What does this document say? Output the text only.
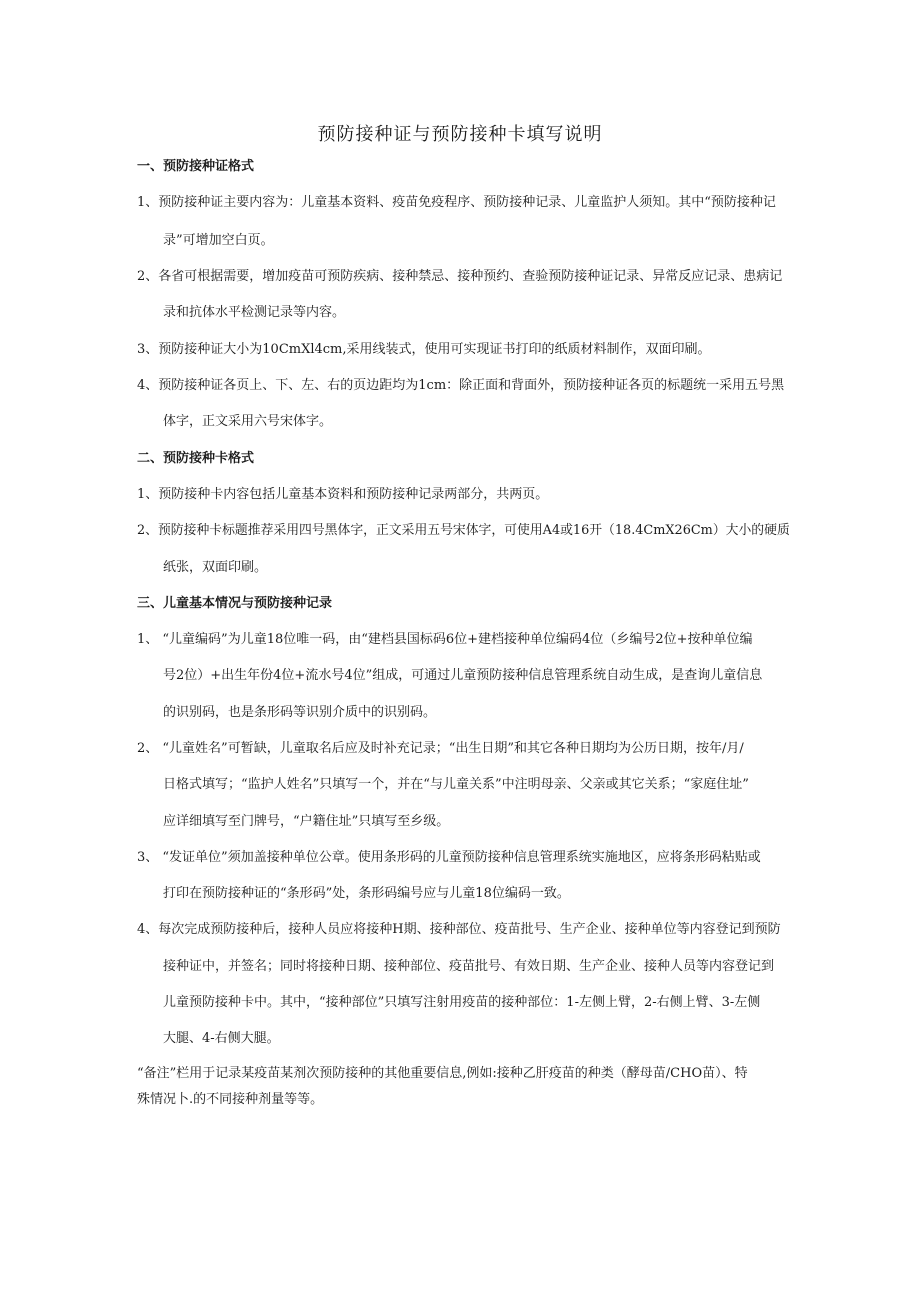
预防接种证与预防接种卡填写说明
一、预防接种证格式
1、预防接种证主要内容为：儿童基本资料、疫苗免疫程序、预防接种记录、儿童监护人须知。其中“预防接种记
录”可增加空白页。
2、各省可根据需要，增加疫苗可预防疾病、接种禁忌、接种预约、查验预防接种证记录、异常反应记录、患病记
录和抗体水平检测记录等内容。
3、预防接种证大小为10CmXl4cm,采用线装式，使用可实现证书打印的纸质材料制作，双面印刷。
4、预防接种证各页上、下、左、右的页边距均为1cm：除正面和背面外，预防接种证各页的标题统一采用五号黑
体字，正文采用六号宋体字。
二、预防接种卡格式
1、预防接种卡内容包括儿童基本资料和预防接种记录两部分，共两页。
2、预防接种卡标题推荐采用四号黑体字，正文采用五号宋体字，可使用A4或16开（18.4CmX26Cm）大小的硬质
纸张，双面印刷。
三、儿童基本情况与预防接种记录
1、 “儿童编码”为儿童18位唯一码，由“建档县国标码6位+建档接种单位编码4位（乡编号2位+按种单位编
号2位）+出生年份4位+流水号4位”组成，可通过儿童预防接种信息管理系统自动生成，是查询儿童信息
的识别码，也是条形码等识别介质中的识别码。
2、 “儿童姓名”可暂缺，儿童取名后应及时补充记录；“出生日期”和其它各种日期均为公历日期，按年/月/
日格式填写；“监护人姓名”只填写一个，并在“与儿童关系”中注明母亲、父亲或其它关系；“家庭住址”
应详细填写至门牌号，“户籍住址”只填写至乡级。
3、 “发证单位”须加盖接种单位公章。使用条形码的儿童预防接种信息管理系统实施地区，应将条形码粘贴或
打印在预防接种证的“条形码”处，条形码编号应与儿童18位编码一致。
4、每次完成预防接种后，接种人员应将接种H期、接种部位、疫苗批号、生产企业、接种单位等内容登记到预防
接种证中，并签名；同时将接种日期、接种部位、疫苗批号、有效日期、生产企业、接种人员等内容登记到
儿童预防接种卡中。其中，“接种部位”只填写注射用疫苗的接种部位：1-左侧上臂，2-右侧上臂、3-左侧
大腿、4-右侧大腿。
“备注”栏用于记录某疫苗某剂次预防接种的其他重要信息,例如:接种乙肝疫苗的种类（酵母苗/CHO苗）、特
殊情况卜.的不同接种剂量等等。
